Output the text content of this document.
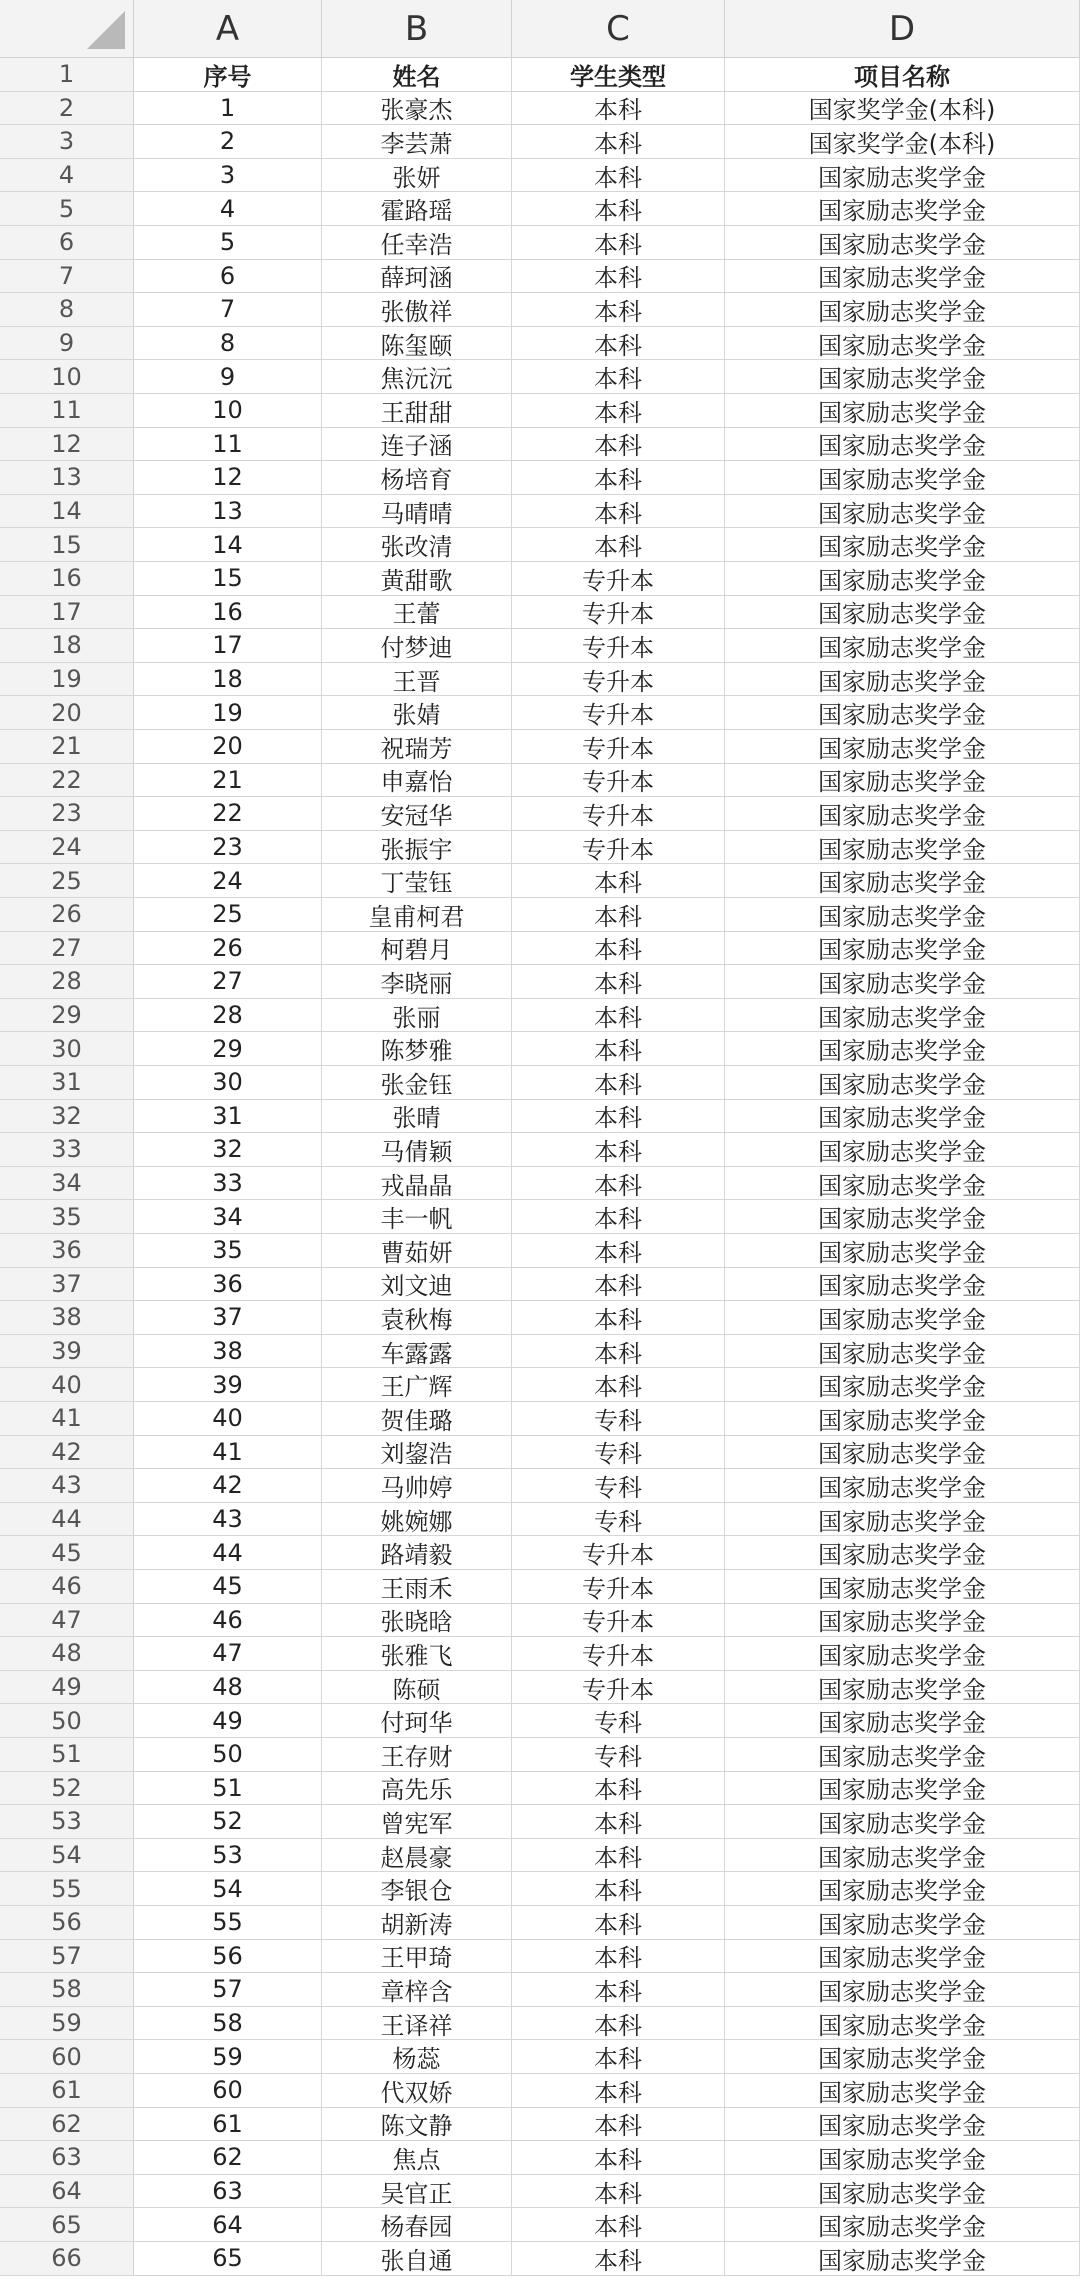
A	B	C	D
1	序号	姓名	学生类型	项目名称
2	1	张豪杰	本科	国家奖学金(本科)
3	2	李芸萧	本科	国家奖学金(本科)
4	3	张妍	本科	国家励志奖学金
5	4	霍路瑶	本科	国家励志奖学金
6	5	任幸浩	本科	国家励志奖学金
7	6	薛珂涵	本科	国家励志奖学金
8	7	张傲祥	本科	国家励志奖学金
9	8	陈玺颐	本科	国家励志奖学金
10	9	焦沅沅	本科	国家励志奖学金
11	10	王甜甜	本科	国家励志奖学金
12	11	连子涵	本科	国家励志奖学金
13	12	杨培育	本科	国家励志奖学金
14	13	马晴晴	本科	国家励志奖学金
15	14	张改清	本科	国家励志奖学金
16	15	黄甜歌	专升本	国家励志奖学金
17	16	王蕾	专升本	国家励志奖学金
18	17	付梦迪	专升本	国家励志奖学金
19	18	王晋	专升本	国家励志奖学金
20	19	张婧	专升本	国家励志奖学金
21	20	祝瑞芳	专升本	国家励志奖学金
22	21	申嘉怡	专升本	国家励志奖学金
23	22	安冠华	专升本	国家励志奖学金
24	23	张振宇	专升本	国家励志奖学金
25	24	丁莹钰	本科	国家励志奖学金
26	25	皇甫柯君	本科	国家励志奖学金
27	26	柯碧月	本科	国家励志奖学金
28	27	李晓丽	本科	国家励志奖学金
29	28	张丽	本科	国家励志奖学金
30	29	陈梦雅	本科	国家励志奖学金
31	30	张金钰	本科	国家励志奖学金
32	31	张晴	本科	国家励志奖学金
33	32	马倩颖	本科	国家励志奖学金
34	33	戎晶晶	本科	国家励志奖学金
35	34	丰一帆	本科	国家励志奖学金
36	35	曹茹妍	本科	国家励志奖学金
37	36	刘文迪	本科	国家励志奖学金
38	37	袁秋梅	本科	国家励志奖学金
39	38	车露露	本科	国家励志奖学金
40	39	王广辉	本科	国家励志奖学金
41	40	贺佳璐	专科	国家励志奖学金
42	41	刘鋆浩	专科	国家励志奖学金
43	42	马帅婷	专科	国家励志奖学金
44	43	姚婉娜	专科	国家励志奖学金
45	44	路靖毅	专升本	国家励志奖学金
46	45	王雨禾	专升本	国家励志奖学金
47	46	张晓晗	专升本	国家励志奖学金
48	47	张雅飞	专升本	国家励志奖学金
49	48	陈硕	专升本	国家励志奖学金
50	49	付珂华	专科	国家励志奖学金
51	50	王存财	专科	国家励志奖学金
52	51	高先乐	本科	国家励志奖学金
53	52	曾宪军	本科	国家励志奖学金
54	53	赵晨豪	本科	国家励志奖学金
55	54	李银仓	本科	国家励志奖学金
56	55	胡新涛	本科	国家励志奖学金
57	56	王甲琦	本科	国家励志奖学金
58	57	章梓含	本科	国家励志奖学金
59	58	王译祥	本科	国家励志奖学金
60	59	杨蕊	本科	国家励志奖学金
61	60	代双娇	本科	国家励志奖学金
62	61	陈文静	本科	国家励志奖学金
63	62	焦点	本科	国家励志奖学金
64	63	吴官正	本科	国家励志奖学金
65	64	杨春园	本科	国家励志奖学金
66	65	张自通	本科	国家励志奖学金
